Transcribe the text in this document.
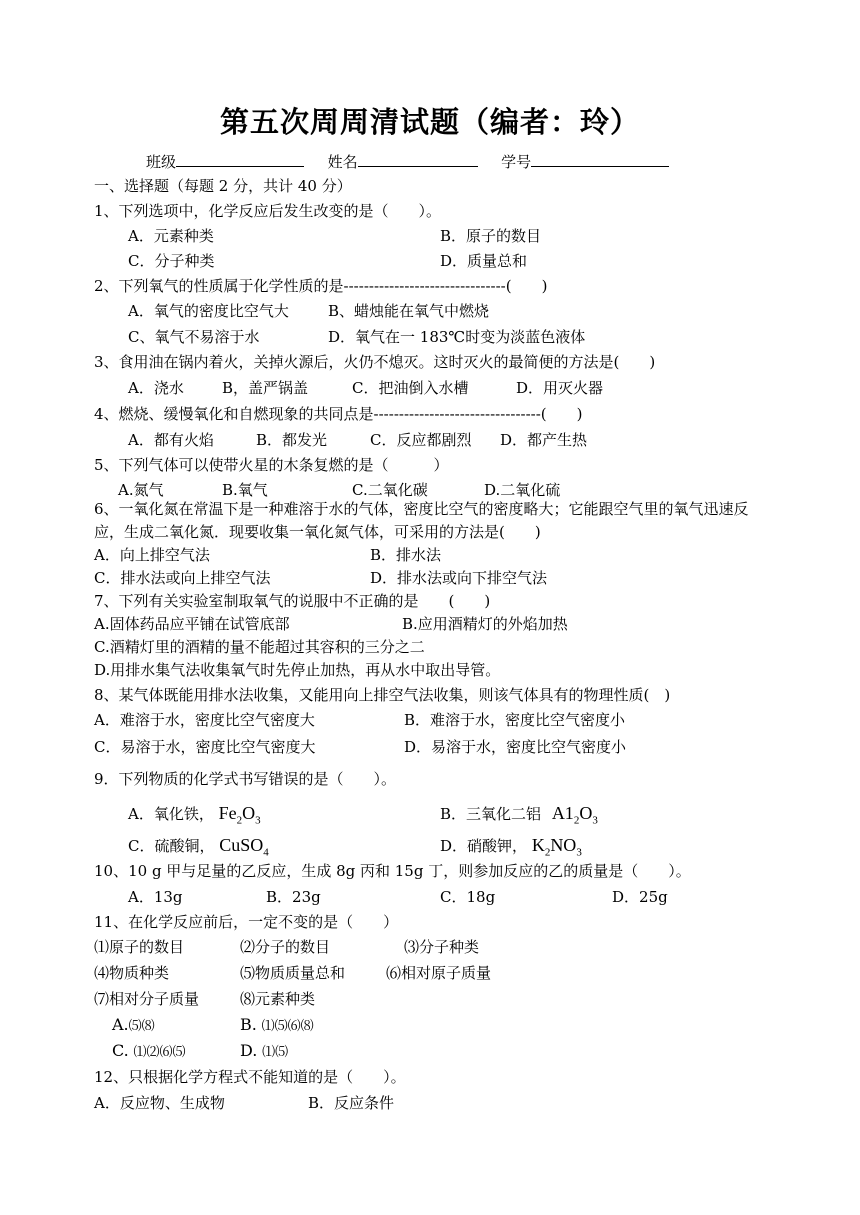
第五次周周清试题（编者：玲）
班级	姓名	学号
一、选择题（每题 2 分，共计 40 分）
1、下列选项中，化学反应后发生改变的是（　　）。
A．元素种类	B．原子的数目
C．分子种类	D．质量总和
2、下列氧气的性质属于化学性质的是--------------------------------(　　)
A．氧气的密度比空气大	B、蜡烛能在氧气中燃烧
C、氧气不易溶于水	D．氧气在一 183℃时变为淡蓝色液体
3、食用油在锅内着火，关掉火源后，火仍不熄灭。这时灭火的最简便的方法是(　　)
A．浇水	B，盖严锅盖	C．把油倒入水槽	D．用灭火器
4、燃烧、缓慢氧化和自燃现象的共同点是---------------------------------(　　)
A．都有火焰	B．都发光	C．反应都剧烈 D．都产生热
5、下列气体可以使带火星的木条复燃的是（　　　）
A.氮气	B.氧气	C.二氧化碳	D.二氧化硫
6、一氧化氮在常温下是一种难溶于水的气体，密度比空气的密度略大；它能跟空气里的氧气迅速反应，生成二氧化氮．现要收集一氧化氮气体，可采用的方法是(　　)
A．向上排空气法	B．排水法
C．排水法或向上排空气法	D．排水法或向下排空气法
7、下列有关实验室制取氧气的说服中不正确的是　　(　　)
A.固体药品应平铺在试管底部	B.应用酒精灯的外焰加热
C.酒精灯里的酒精的量不能超过其容积的三分之二
D.用排水集气法收集氧气时先停止加热，再从水中取出导管。
8、某气体既能用排水法收集，又能用向上排空气法收集，则该气体具有的物理性质(　)
A．难溶于水，密度比空气密度大	B．难溶于水，密度比空气密度小
C．易溶于水，密度比空气密度大	D．易溶于水，密度比空气密度小
9．下列物质的化学式书写错误的是（　　）。
A．氧化铁， $Fe_2O_3$	B．三氧化二铝 $A1_2O_3$
C．硫酸铜， CuSO$_4$	D．硝酸钾， $K_2NO_3$
10、10 g 甲与足量的乙反应，生成 8g 丙和 15g 丁，则参加反应的乙的质量是（　　）。
A．13g	B．23g	C．18g	D．25g
11、在化学反应前后，一定不变的是（　　）
⑴原子的数目	⑵分子的数目	⑶分子种类
⑷物质种类	⑸物质质量总和	⑹相对原子质量
⑺相对分子质量	⑻元素种类
A.⑸⑻	B. ⑴⑸⑹⑻
C. ⑴⑵⑹⑸	D. ⑴⑸
12、只根据化学方程式不能知道的是（　　）。
A．反应物、生成物	B．反应条件
